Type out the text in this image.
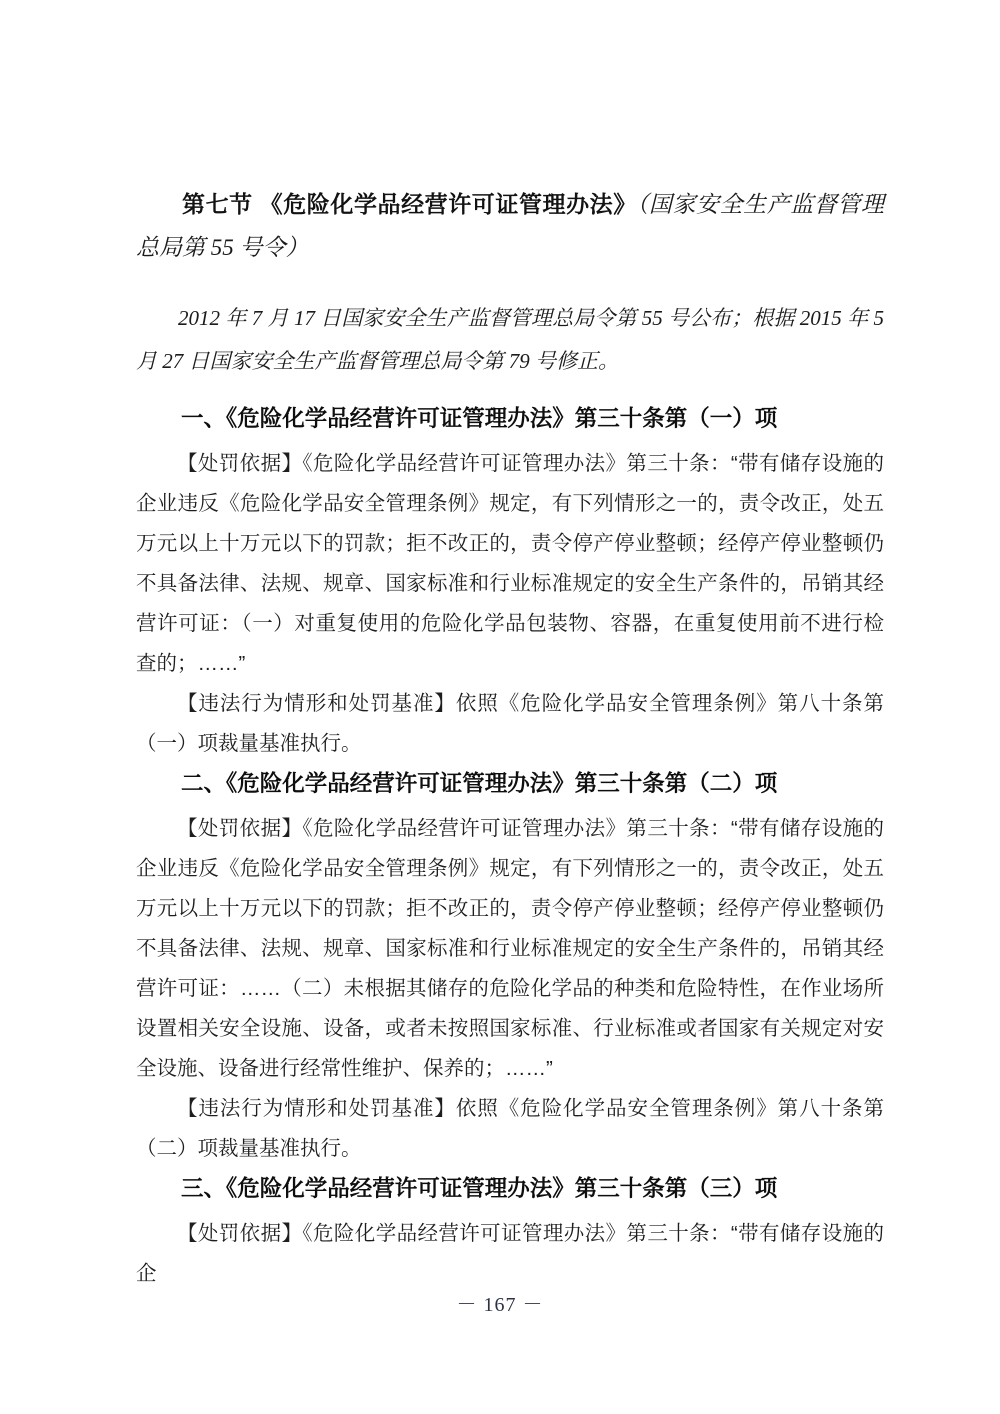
第七节 《危险化学品经营许可证管理办法》（国家安全生产监督管理总局第 55 号令）

2012 年 7 月 17 日国家安全生产监督管理总局令第 55 号公布；根据 2015 年 5 月 27 日国家安全生产监督管理总局令第 79 号修正。

一、《危险化学品经营许可证管理办法》第三十条第（一）项

【处罚依据】《危险化学品经营许可证管理办法》第三十条：“带有储存设施的企业违反《危险化学品安全管理条例》规定，有下列情形之一的，责令改正，处五万元以上十万元以下的罚款；拒不改正的，责令停产停业整顿；经停产停业整顿仍不具备法律、法规、规章、国家标准和行业标准规定的安全生产条件的，吊销其经营许可证：（一）对重复使用的危险化学品包装物、容器，在重复使用前不进行检查的；……”

【违法行为情形和处罚基准】依照《危险化学品安全管理条例》第八十条第（一）项裁量基准执行。

二、《危险化学品经营许可证管理办法》第三十条第（二）项

【处罚依据】《危险化学品经营许可证管理办法》第三十条：“带有储存设施的企业违反《危险化学品安全管理条例》规定，有下列情形之一的，责令改正，处五万元以上十万元以下的罚款；拒不改正的，责令停产停业整顿；经停产停业整顿仍不具备法律、法规、规章、国家标准和行业标准规定的安全生产条件的，吊销其经营许可证：……（二）未根据其储存的危险化学品的种类和危险特性，在作业场所设置相关安全设施、设备，或者未按照国家标准、行业标准或者国家有关规定对安全设施、设备进行经常性维护、保养的；……”

【违法行为情形和处罚基准】依照《危险化学品安全管理条例》第八十条第（二）项裁量基准执行。

三、《危险化学品经营许可证管理办法》第三十条第（三）项

【处罚依据】《危险化学品经营许可证管理办法》第三十条：“带有储存设施的企

－ 167 －
